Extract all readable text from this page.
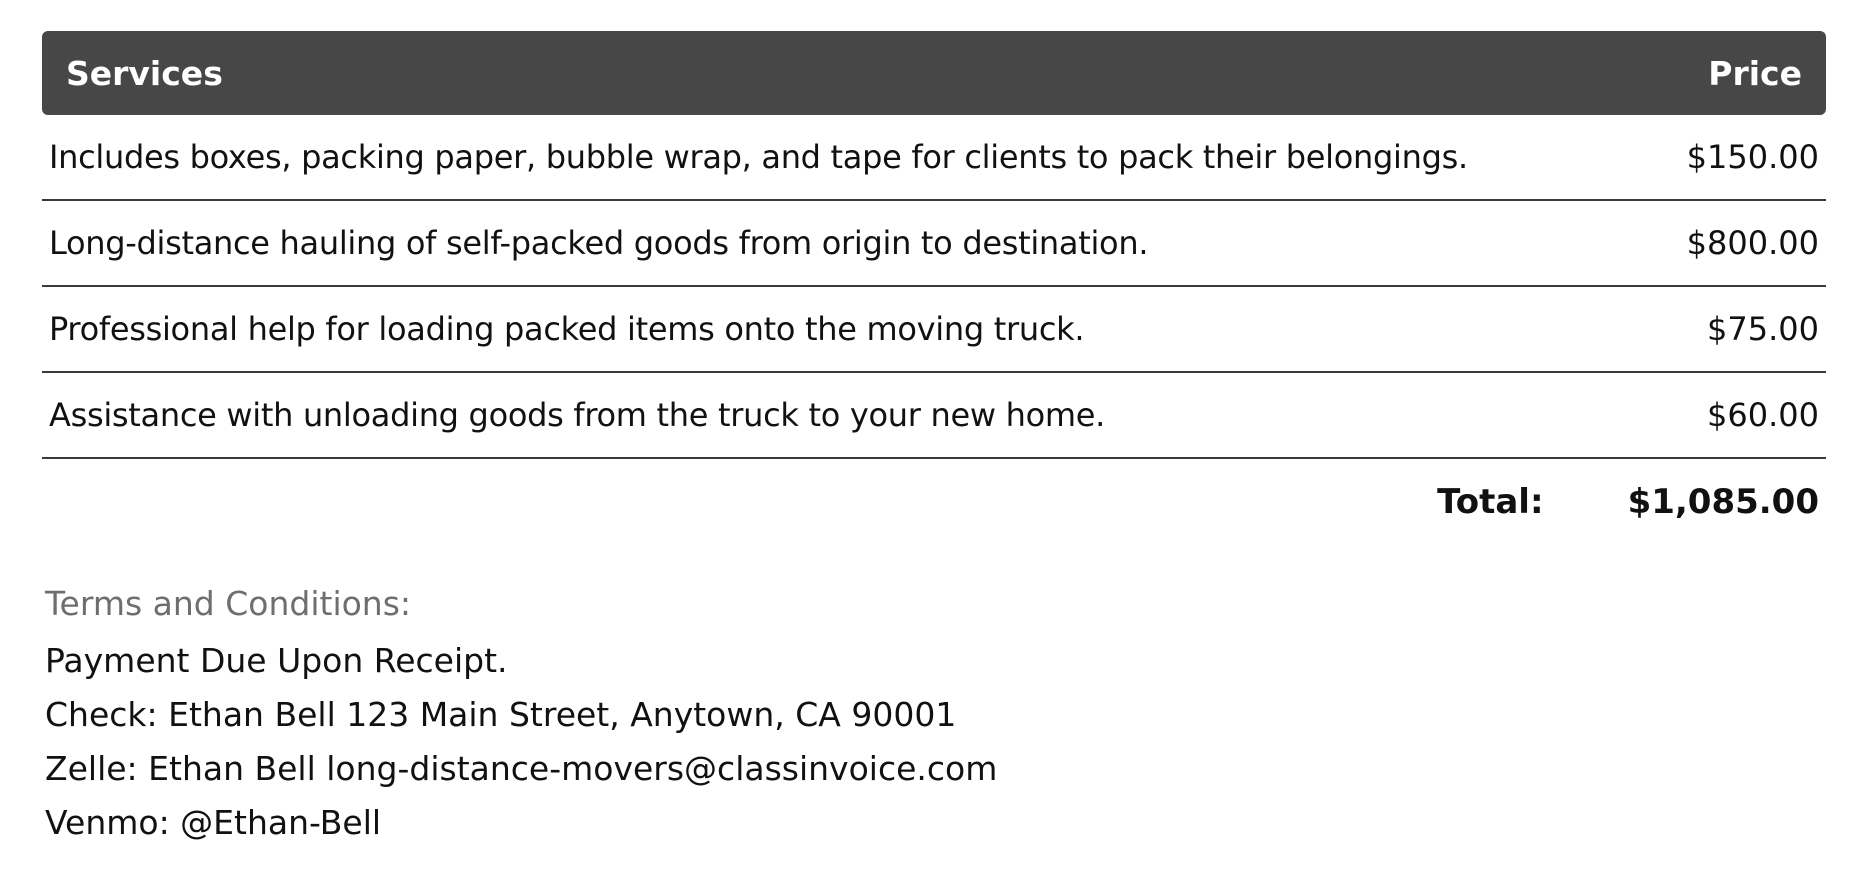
Services	Price
Includes boxes, packing paper, bubble wrap, and tape for clients to pack their belongings.	$150.00
Long-distance hauling of self-packed goods from origin to destination.	$800.00
Professional help for loading packed items onto the moving truck.	$75.00
Assistance with unloading goods from the truck to your new home.	$60.00
Total: $1,085.00
Terms and Conditions:
Payment Due Upon Receipt.
Check: Ethan Bell 123 Main Street, Anytown, CA 90001
Zelle: Ethan Bell long-distance-movers@classinvoice.com
Venmo: @Ethan-Bell
